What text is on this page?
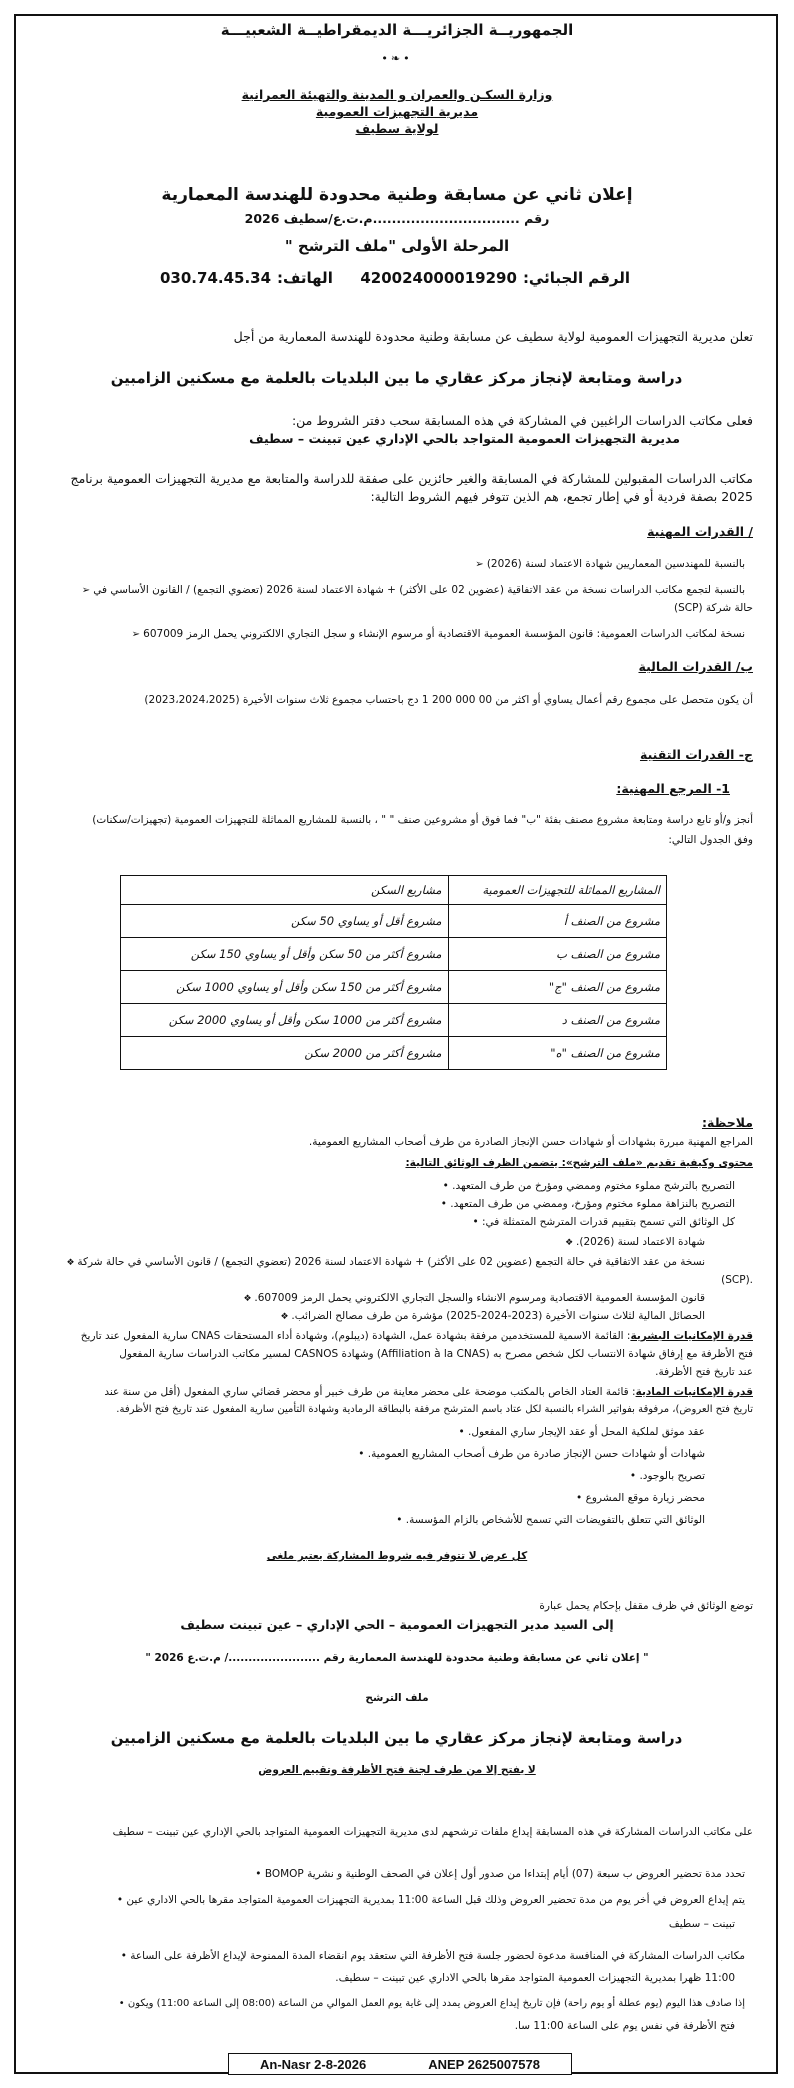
الجمهوريــة الجزائريـــة الديمقراطيــة الشعبيـــة
•❧•
وزارة السكـن والعمران و المدينة والتهيئة العمرانية
مديرية التجهيزات العمومية
لولاية سطيف
إعلان ثاني عن مسابقة وطنية محدودة للهندسة المعمارية
رقم ...............................م.ت.ع/سطيف 2026
المرحلة الأولى "ملف الترشح "
030.74.45.34 الهاتف: 420024000019290 الرقم الجبائي:
تعلن مديرية التجهيزات العمومية لولاية سطيف عن مسابقة وطنية محدودة للهندسة المعمارية من أجل
دراسة ومتابعة لإنجاز مركز عقاري ما بين البلديات بالعلمة مع مسكنين الزامبين
فعلى مكاتب الدراسات الراغبين في المشاركة في هذه المسابقة سحب دفتر الشروط من:
مديرية التجهيزات العمومية المتواجد بالحي الإداري عين تبينت – سطيف
مكاتب الدراسات المقبولين للمشاركة في المسابقة والغير حائزين على صفقة للدراسة والمتابعة مع مديرية التجهيزات العمومية برنامج
2025 بصفة فردية أو في إطار تجمع، هم الذين تتوفر فيهم الشروط التالية:
/ القدرات المهنية
بالنسبة للمهندسين المعماريين شهادة الاعتماد لسنة (2026) ➢
بالنسبة لتجمع مكاتب الدراسات نسخة من عقد الاتفاقية (عضوين 02 على الأكثر) + شهادة الاعتماد لسنة 2026 (تعضوي التجمع) / القانون الأساسي في ➢
حالة شركة (SCP)
نسخة لمكاتب الدراسات العمومية: قانون المؤسسة العمومية الاقتصادية أو مرسوم الإنشاء و سجل التجاري الالكتروني يحمل الرمز 607009 ➢
ب/ القدرات المالية
أن يكون متحصل على مجموع رقم أعمال يساوي أو اكثر من 00 000 200 1 دج باحتساب مجموع ثلاث سنوات الأخيرة (2023،2024،2025)
ج- القدرات التقنية
1- المرجع المهنية:
أنجز و/أو تابع دراسة ومتابعة مشروع مصنف بفئة "ب" فما فوق أو مشروعين صنف " " ، بالنسبة للمشاريع المماثلة للتجهيزات العمومية (تجهيزات/سكنات)
وفق الجدول التالي:
المشاريع المماثلة للتجهيزات العمومية	مشاريع السكن
مشروع من الصنف أ	مشروع أقل أو يساوي 50 سكن
مشروع من الصنف ب	مشروع أكثر من 50 سكن وأقل أو يساوي 150 سكن
مشروع من الصنف "ج"	مشروع أكثر من 150 سكن وأقل أو يساوي 1000 سكن
مشروع من الصنف د	مشروع أكثر من 1000 سكن وأقل أو يساوي 2000 سكن
مشروع من الصنف "ه"	مشروع أكثر من 2000 سكن
ملاحظة:
المراجع المهنية مبررة بشهادات أو شهادات حسن الإنجاز الصادرة من طرف أصحاب المشاريع العمومية.
محتوى وكيفية تقديم «ملف الترشح»: يتضمن الظرف الوثائق التالية:
التصريح بالترشح مملوء مختوم وممضي ومؤرخ من طرف المتعهد. •
التصريح بالنزاهة مملوء مختوم ومؤرخ، وممضي من طرف المتعهد. •
كل الوثائق التي تسمح بتقييم قدرات المترشح المتمثلة في: •
شهادة الاعتماد لسنة (2026). ❖
نسخة من عقد الاتفاقية في حالة التجمع (عضوين 02 على الأكثر) + شهادة الاعتماد لسنة 2026 (تعضوي التجمع) / قانون الأساسي في حالة شركة ❖
(SCP).
قانون المؤسسة العمومية الاقتصادية ومرسوم الانشاء والسجل التجاري الالكتروني يحمل الرمز 607009. ❖
الحصائل المالية لثلاث سنوات الأخيرة (2023-2024-2025) مؤشرة من طرف مصالح الضرائب. ❖
قدرة الإمكانيات البشرية: القائمة الاسمية للمستخدمين مرفقة بشهادة عمل، الشهادة (ديبلوم)، وشهادة أداء المستحقات CNAS سارية المفعول عند تاريخ
فتح الأظرفة مع إرفاق شهادة الانتساب لكل شخص مصرح به (Affiliation à la CNAS) وشهادة CASNOS لمسير مكاتب الدراسات سارية المفعول
عند تاريخ فتح الأظرفة.
قدرة الإمكانيات المادية: قائمة العتاد الخاص بالمكتب موضحة على محضر معاينة من طرف خبير أو محضر قضائي ساري المفعول (أقل من سنة عند
تاريخ فتح العروض)، مرفوقة بفواتير الشراء بالنسبة لكل عتاد باسم المترشح مرفقة بالبطاقة الرمادية وشهادة التأمين سارية المفعول عند تاريخ فتح الأظرفة.
عقد موثق لملكية المحل أو عقد الإيجار ساري المفعول. •
شهادات أو شهادات حسن الإنجاز صادرة من طرف أصحاب المشاريع العمومية. •
تصريح بالوجود. •
محضر زيارة موقع المشروع •
الوثائق التي تتعلق بالتفويضات التي تسمح للأشخاص بالزام المؤسسة. •
كل عرض لا تتوفر فيه شروط المشاركة يعتبر ملغى
توضع الوثائق في ظرف مقفل بإحكام يحمل عبارة
إلى السيد مدير التجهيزات العمومية – الحي الإداري – عين تبينت سطيف
" إعلان ثاني عن مسابقة وطنية محدودة للهندسة المعمارية رقم ......................./ م.ت.ع 2026 "
ملف الترشح
دراسة ومتابعة لإنجاز مركز عقاري ما بين البلديات بالعلمة مع مسكنين الزامبين
لا يفتح إلا من طرف لجنة فتح الأظرفة وتقييم العروض
على مكاتب الدراسات المشاركة في هذه المسابقة إيداع ملفات ترشحهم لدى مديرية التجهيزات العمومية المتواجد بالحي الإداري عين تبينت – سطيف
تحدد مدة تحضير العروض ب سبعة (07) أيام إبتداءا من صدور أول إعلان في الصحف الوطنية و نشرية BOMOP •
يتم إيداع العروض في أخر يوم من مدة تحضير العروض وذلك قبل الساعة 11:00 بمديرية التجهيزات العمومية المتواجد مقرها بالحي الاداري عين •
تبينت – سطيف
مكاتب الدراسات المشاركة في المنافسة مدعوة لحضور جلسة فتح الأظرفة التي ستعقد يوم انقضاء المدة الممنوحة لإيداع الأظرفة على الساعة •
11:00 ظهرا بمديرية التجهيزات العمومية المتواجد مقرها بالحي الاداري عين تبينت – سطيف.
إذا صادف هذا اليوم (يوم عطلة أو يوم راحة) فإن تاريخ إيداع العروض يمدد إلى غاية يوم العمل الموالي من الساعة (08:00 إلى الساعة 11:00) ويكون •
فتح الأظرفة في نفس يوم على الساعة 11:00 سا.
An-Nasr 2-8-2026	ANEP 2625007578
